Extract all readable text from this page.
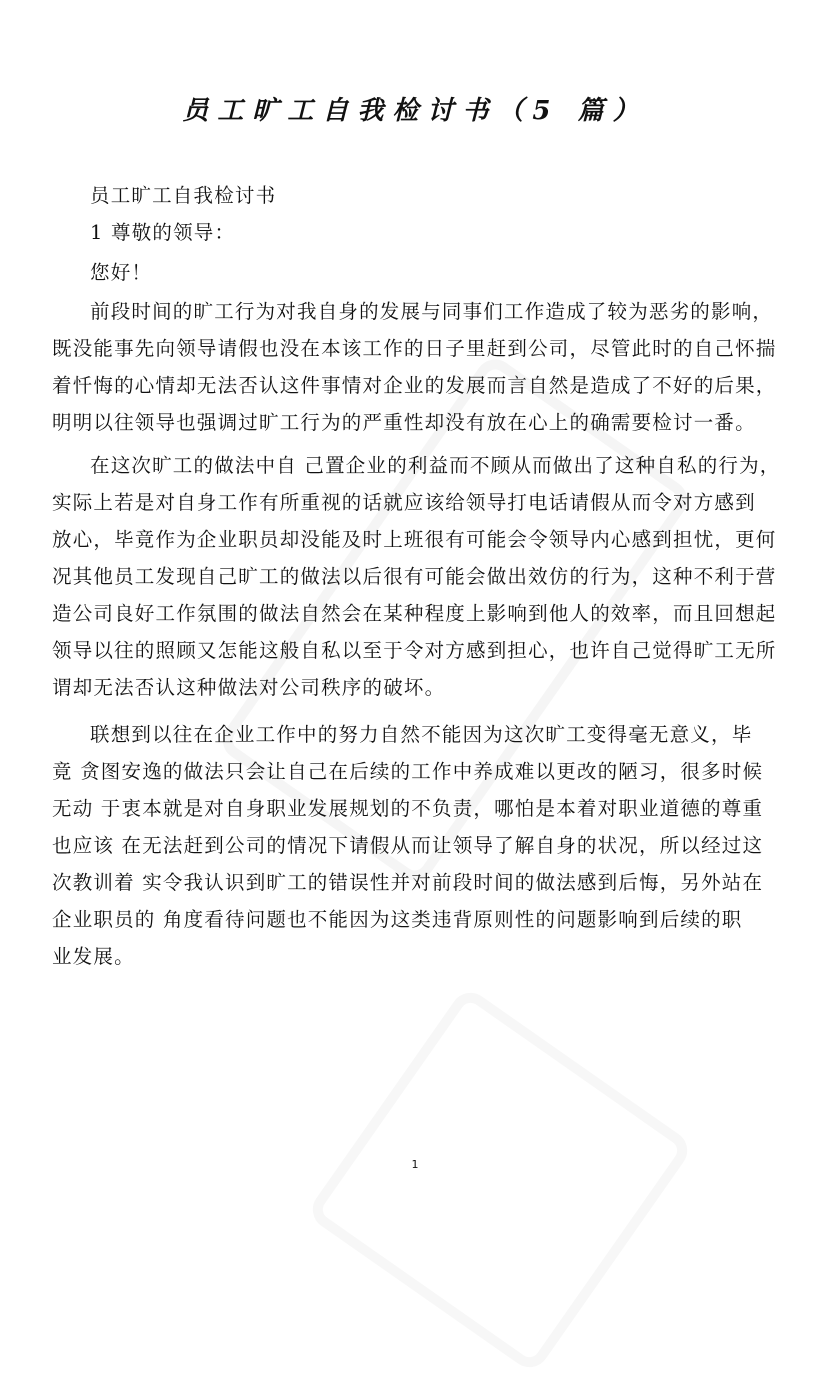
员工旷工自我检讨书（5 篇）
员工旷工自我检讨书
1 尊敬的领导：
您好！
前段时间的旷工行为对我自身的发展与同事们工作造成了较为恶劣的影响，
既没能事先向领导请假也没在本该工作的日子里赶到公司，尽管此时的自己怀揣
着忏悔的心情却无法否认这件事情对企业的发展而言自然是造成了不好的后果，
明明以往领导也强调过旷工行为的严重性却没有放在心上的确需要检讨一番。
在这次旷工的做法中自 己置企业的利益而不顾从而做出了这种自私的行为，
实际上若是对自身工作有所重视的话就应该给领导打电话请假从而令对方感到
放心，毕竟作为企业职员却没能及时上班很有可能会令领导内心感到担忧，更何
况其他员工发现自己旷工的做法以后很有可能会做出效仿的行为，这种不利于营
造公司良好工作氛围的做法自然会在某种程度上影响到他人的效率，而且回想起
领导以往的照顾又怎能这般自私以至于令对方感到担心，也许自己觉得旷工无所
谓却无法否认这种做法对公司秩序的破坏。
联想到以往在企业工作中的努力自然不能因为这次旷工变得毫无意义，毕
竟 贪图安逸的做法只会让自己在后续的工作中养成难以更改的陋习，很多时候
无动 于衷本就是对自身职业发展规划的不负责，哪怕是本着对职业道德的尊重
也应该 在无法赶到公司的情况下请假从而让领导了解自身的状况，所以经过这
次教训着 实令我认识到旷工的错误性并对前段时间的做法感到后悔，另外站在
企业职员的 角度看待问题也不能因为这类违背原则性的问题影响到后续的职
业发展。
1
